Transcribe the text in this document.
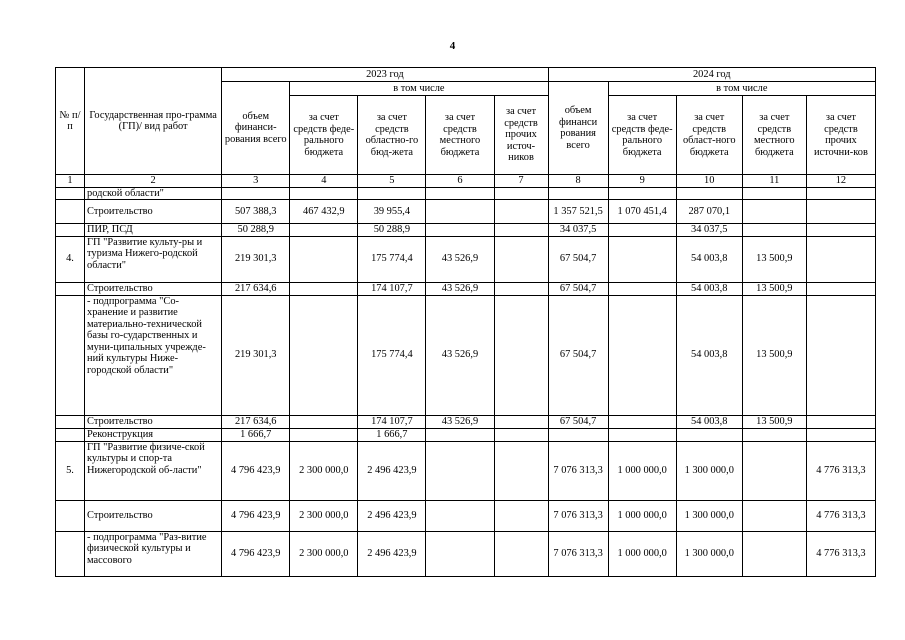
4
№ п/п	Государственная про-грамма (ГП)/ вид работ	2023 год					2024 год				
		объем финанси-рования всего	в том числе				объем финанси рования всего	в том числе			
			за счет средств феде-рального бюджета	за счет средств областно-го бюд-жета	за счет средств местного бюджета	за счет средств прочих источ-ников		за счет средств феде-рального бюджета	за счет средств област-ного бюджета	за счет средств местного бюджета	за счет средств прочих источни-ков
1	2	3	4	5	6	7	8	9	10	11	12
	родской области"										
	Строительство	507 388,3	467 432,9	39 955,4			1 357 521,5	1 070 451,4	287 070,1		
	ПИР, ПСД	50 288,9		50 288,9			34 037,5		34 037,5		
4.	ГП "Развитие культу-ры и туризма Нижего-родской области"	219 301,3		175 774,4	43 526,9		67 504,7		54 003,8	13 500,9	
	Строительство	217 634,6		174 107,7	43 526,9		67 504,7		54 003,8	13 500,9	
	- подпрограмма "Со-хранение и развитие материально-технической базы го-сударственных и муни-ципальных учрежде-ний культуры Ниже-городской области"	219 301,3		175 774,4	43 526,9		67 504,7		54 003,8	13 500,9	
	Строительство	217 634,6		174 107,7	43 526,9		67 504,7		54 003,8	13 500,9	
	Реконструкция	1 666,7		1 666,7							
5.	ГП "Развитие физиче-ской культуры и спор-та Нижегородской об-ласти"	4 796 423,9	2 300 000,0	2 496 423,9			7 076 313,3	1 000 000,0	1 300 000,0		4 776 313,3
	Строительство	4 796 423,9	2 300 000,0	2 496 423,9			7 076 313,3	1 000 000,0	1 300 000,0		4 776 313,3
	- подпрограмма "Раз-витие физической культуры и массового	4 796 423,9	2 300 000,0	2 496 423,9			7 076 313,3	1 000 000,0	1 300 000,0		4 776 313,3
